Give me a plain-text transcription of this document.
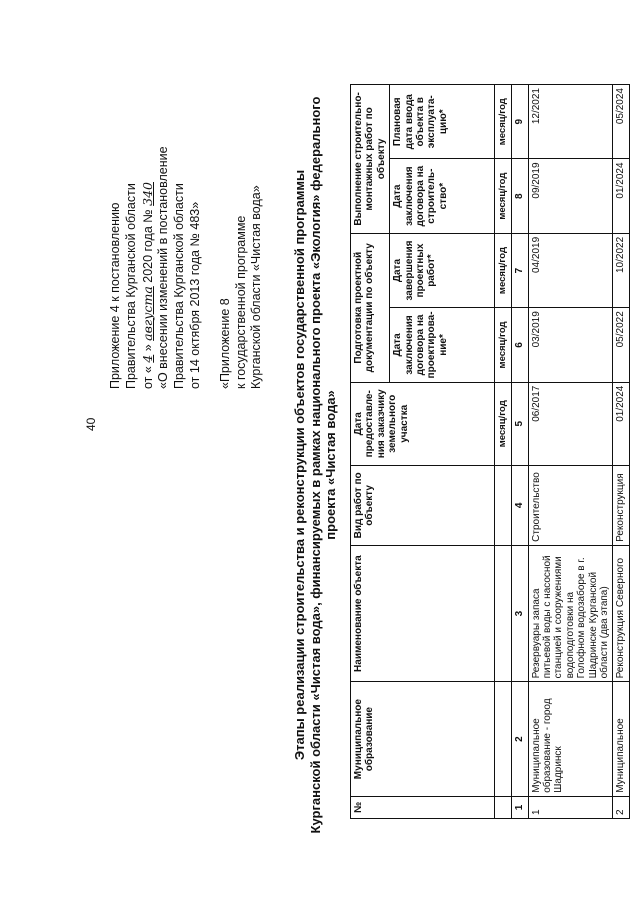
40
Приложение 4 к постановлению Правительства Курганской области от « 4 » августа 2020 года № 340 «О внесении изменений в постановление Правительства Курганской области от 14 октября 2013 года № 483» «Приложение 8 к государственной программе Курганской области «Чистая вода» Этапы реализации строительства и реконструкции объектов государственной программы Курганской области «Чистая вода», финансируемых в рамках национального проекта «Экология» федерального проекта «Чистая вода»
№	Муниципальное образование	Наименование объекта	Вид работ по объекту	Дата предоставле-ния заказчику земельного участка	Подготовка проектной документации по объекту		Выполнение строительно-монтажных работ по объекту	
					Дата заключения договора на проектирова-ние*	Дата завершения проектных работ*	Дата заключения договора на строитель-ство*	Плановая дата ввода объекта в эксплуата-цию*
				месяц/год	месяц/год	месяц/год	месяц/год	месяц/год
1	2	3	4	5	6	7	8	9
1	Муниципальное образование - город Шадринск	Резервуары запаса питьевой воды с насосной станцией и сооружениями водоподготовки на Голофном водозаборе в г. Шадринске Курганской области (два этапа)	Строительство	06/2017	03/2019	04/2019	09/2019	12/2021
2	Муниципальное	Реконструкция Северного	Реконструкция	01/2024	05/2022	10/2022	01/2024	05/2024
